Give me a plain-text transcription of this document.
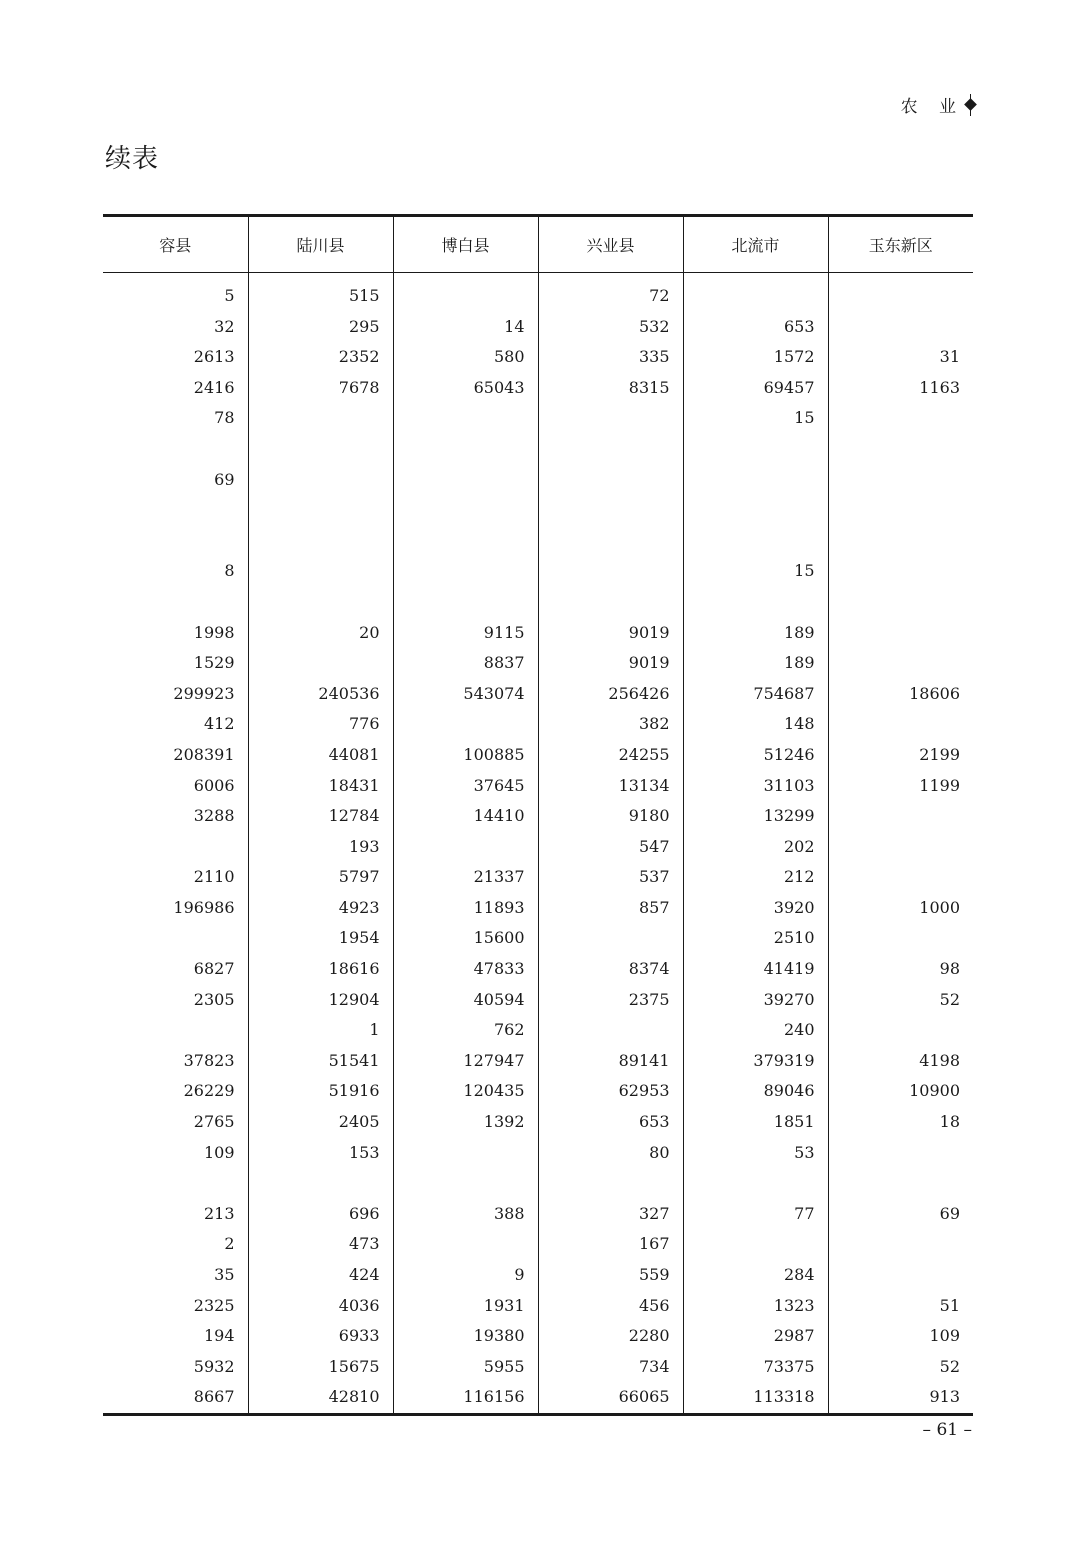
农 业
续表
容县	陆川县	博白县	兴业县	北流市	玉东新区

5	515		72		
32	295	14	532	653	
2613	2352	580	335	1572	31
2416	7678	65043	8315	69457	1163
78				15	

69					

8				15	

1998	20	9115	9019	189	
1529		8837	9019	189	
299923	240536	543074	256426	754687	18606
412	776		382	148	
208391	44081	100885	24255	51246	2199
6006	18431	37645	13134	31103	1199
3288	12784	14410	9180	13299	
	193		547	202	
2110	5797	21337	537	212	
196986	4923	11893	857	3920	1000
	1954	15600		2510	
6827	18616	47833	8374	41419	98
2305	12904	40594	2375	39270	52
	1	762		240	
37823	51541	127947	89141	379319	4198
26229	51916	120435	62953	89046	10900
2765	2405	1392	653	1851	18
109	153		80	53	

213	696	388	327	77	69
2	473		167		
35	424	9	559	284	
2325	4036	1931	456	1323	51
194	6933	19380	2280	2987	109
5932	15675	5955	734	73375	52
8667	42810	116156	66065	113318	913
– 61 –
